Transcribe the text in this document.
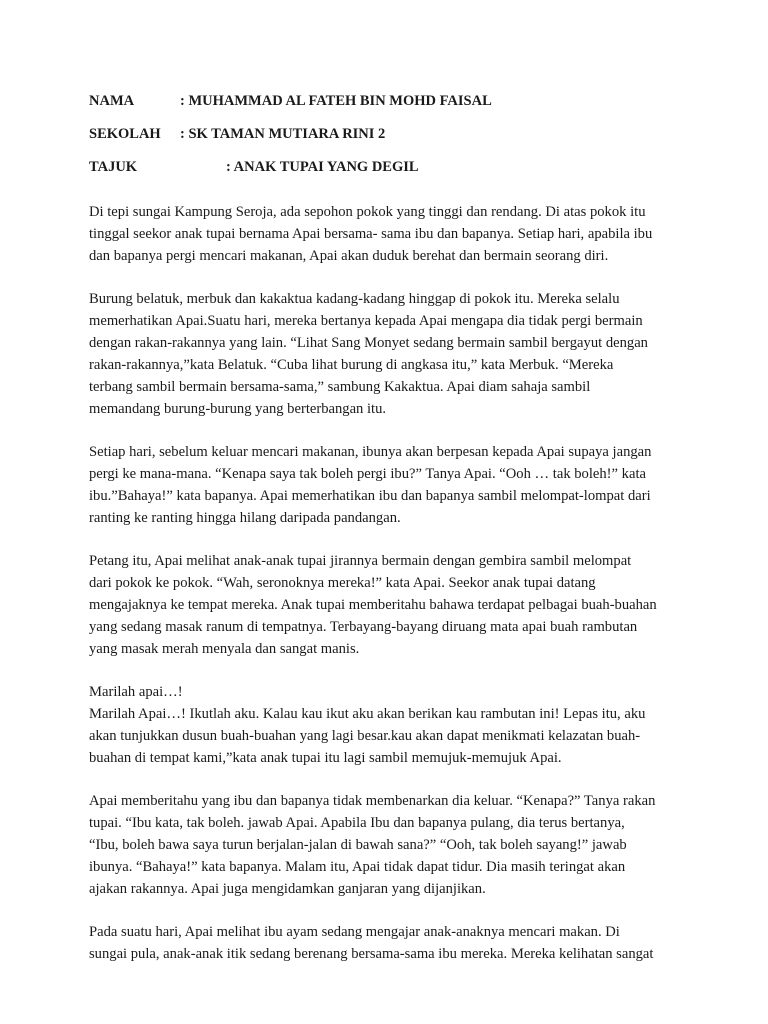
NAMA	: MUHAMMAD AL FATEH BIN MOHD FAISAL
SEKOLAH	: SK TAMAN MUTIARA RINI 2
TAJUK	: ANAK TUPAI YANG DEGIL

Di tepi sungai Kampung Seroja, ada sepohon pokok yang tinggi dan rendang. Di atas pokok itu
tinggal seekor anak tupai bernama Apai bersama- sama ibu dan bapanya. Setiap hari, apabila ibu
dan bapanya pergi mencari makanan, Apai akan duduk berehat dan bermain seorang diri.

Burung belatuk, merbuk dan kakaktua kadang-kadang hinggap di pokok itu. Mereka selalu
memerhatikan Apai.Suatu hari, mereka bertanya kepada Apai mengapa dia tidak pergi bermain
dengan rakan-rakannya yang lain. “Lihat Sang Monyet sedang bermain sambil bergayut dengan
rakan-rakannya,”kata Belatuk. “Cuba lihat burung di angkasa itu,” kata Merbuk. “Mereka
terbang sambil bermain bersama-sama,” sambung Kakaktua. Apai diam sahaja sambil
memandang burung-burung yang berterbangan itu.

Setiap hari, sebelum keluar mencari makanan, ibunya akan berpesan kepada Apai supaya jangan
pergi ke mana-mana. “Kenapa saya tak boleh pergi ibu?” Tanya Apai. “Ooh … tak boleh!” kata
ibu.”Bahaya!” kata bapanya. Apai memerhatikan ibu dan bapanya sambil melompat-lompat dari
ranting ke ranting hingga hilang daripada pandangan.

Petang itu, Apai melihat anak-anak tupai jirannya bermain dengan gembira sambil melompat
dari pokok ke pokok. “Wah, seronoknya mereka!” kata Apai. Seekor anak tupai datang
mengajaknya ke tempat mereka. Anak tupai memberitahu bahawa terdapat pelbagai buah-buahan
yang sedang masak ranum di tempatnya. Terbayang-bayang diruang mata apai buah rambutan
yang masak merah menyala dan sangat manis.

Marilah apai…!
Marilah Apai…! Ikutlah aku. Kalau kau ikut aku akan berikan kau rambutan ini! Lepas itu, aku
akan tunjukkan dusun buah-buahan yang lagi besar.kau akan dapat menikmati kelazatan buah-
buahan di tempat kami,”kata anak tupai itu lagi sambil memujuk-memujuk Apai.

Apai memberitahu yang ibu dan bapanya tidak membenarkan dia keluar. “Kenapa?” Tanya rakan
tupai. “Ibu kata, tak boleh. jawab Apai. Apabila Ibu dan bapanya pulang, dia terus bertanya,
“Ibu, boleh bawa saya turun berjalan-jalan di bawah sana?” “Ooh, tak boleh sayang!” jawab
ibunya. “Bahaya!” kata bapanya. Malam itu, Apai tidak dapat tidur. Dia masih teringat akan
ajakan rakannya. Apai juga mengidamkan ganjaran yang dijanjikan.

Pada suatu hari, Apai melihat ibu ayam sedang mengajar anak-anaknya mencari makan. Di
sungai pula, anak-anak itik sedang berenang bersama-sama ibu mereka. Mereka kelihatan sangat
